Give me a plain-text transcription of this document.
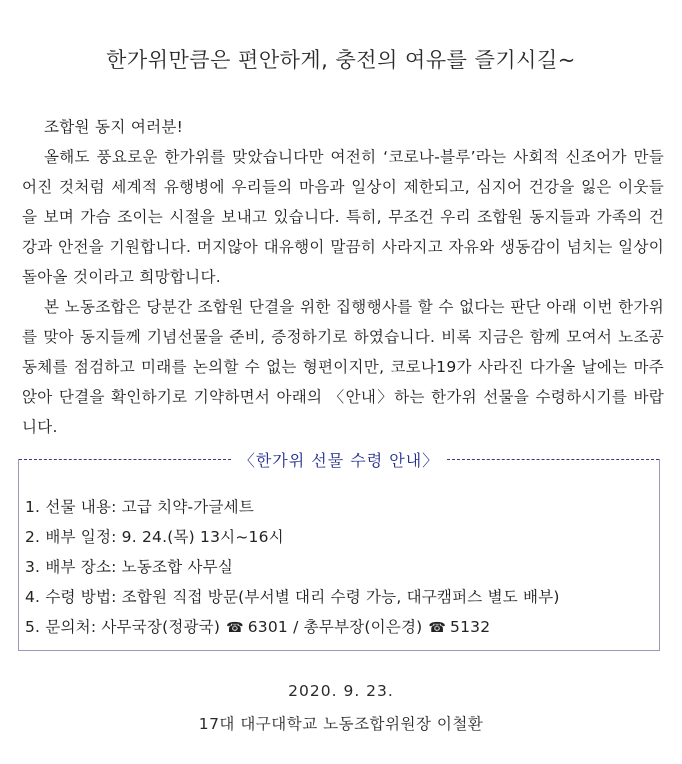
한가위만큼은 편안하게, 충전의 여유를 즐기시길~

조합원 동지 여러분!

올해도 풍요로운 한가위를 맞았습니다만 여전히 ‘코로나-블루’라는 사회적 신조어가 만들어진 것처럼 세계적 유행병에 우리들의 마음과 일상이 제한되고, 심지어 건강을 잃은 이웃들을 보며 가슴 조이는 시절을 보내고 있습니다. 특히, 무조건 우리 조합원 동지들과 가족의 건강과 안전을 기원합니다. 머지않아 대유행이 말끔히 사라지고 자유와 생동감이 넘치는 일상이 돌아올 것이라고 희망합니다.

본 노동조합은 당분간 조합원 단결을 위한 집행행사를 할 수 없다는 판단 아래 이번 한가위를 맞아 동지들께 기념선물을 준비, 증정하기로 하였습니다. 비록 지금은 함께 모여서 노조공동체를 점검하고 미래를 논의할 수 없는 형편이지만, 코로나19가 사라진 다가올 날에는 마주 앉아 단결을 확인하기로 기약하면서 아래의 〈안내〉하는 한가위 선물을 수령하시기를 바랍니다.

〈한가위 선물 수령 안내〉
1. 선물 내용: 고급 치약-가글세트
2. 배부 일정: 9. 24.(목) 13시~16시
3. 배부 장소: 노동조합 사무실
4. 수령 방법: 조합원 직접 방문(부서별 대리 수령 가능, 대구캠퍼스 별도 배부)
5. 문의처: 사무국장(정광국) ☎ 6301 / 총무부장(이은경) ☎ 5132
2020. 9. 23.
17대 대구대학교 노동조합위원장 이철환
